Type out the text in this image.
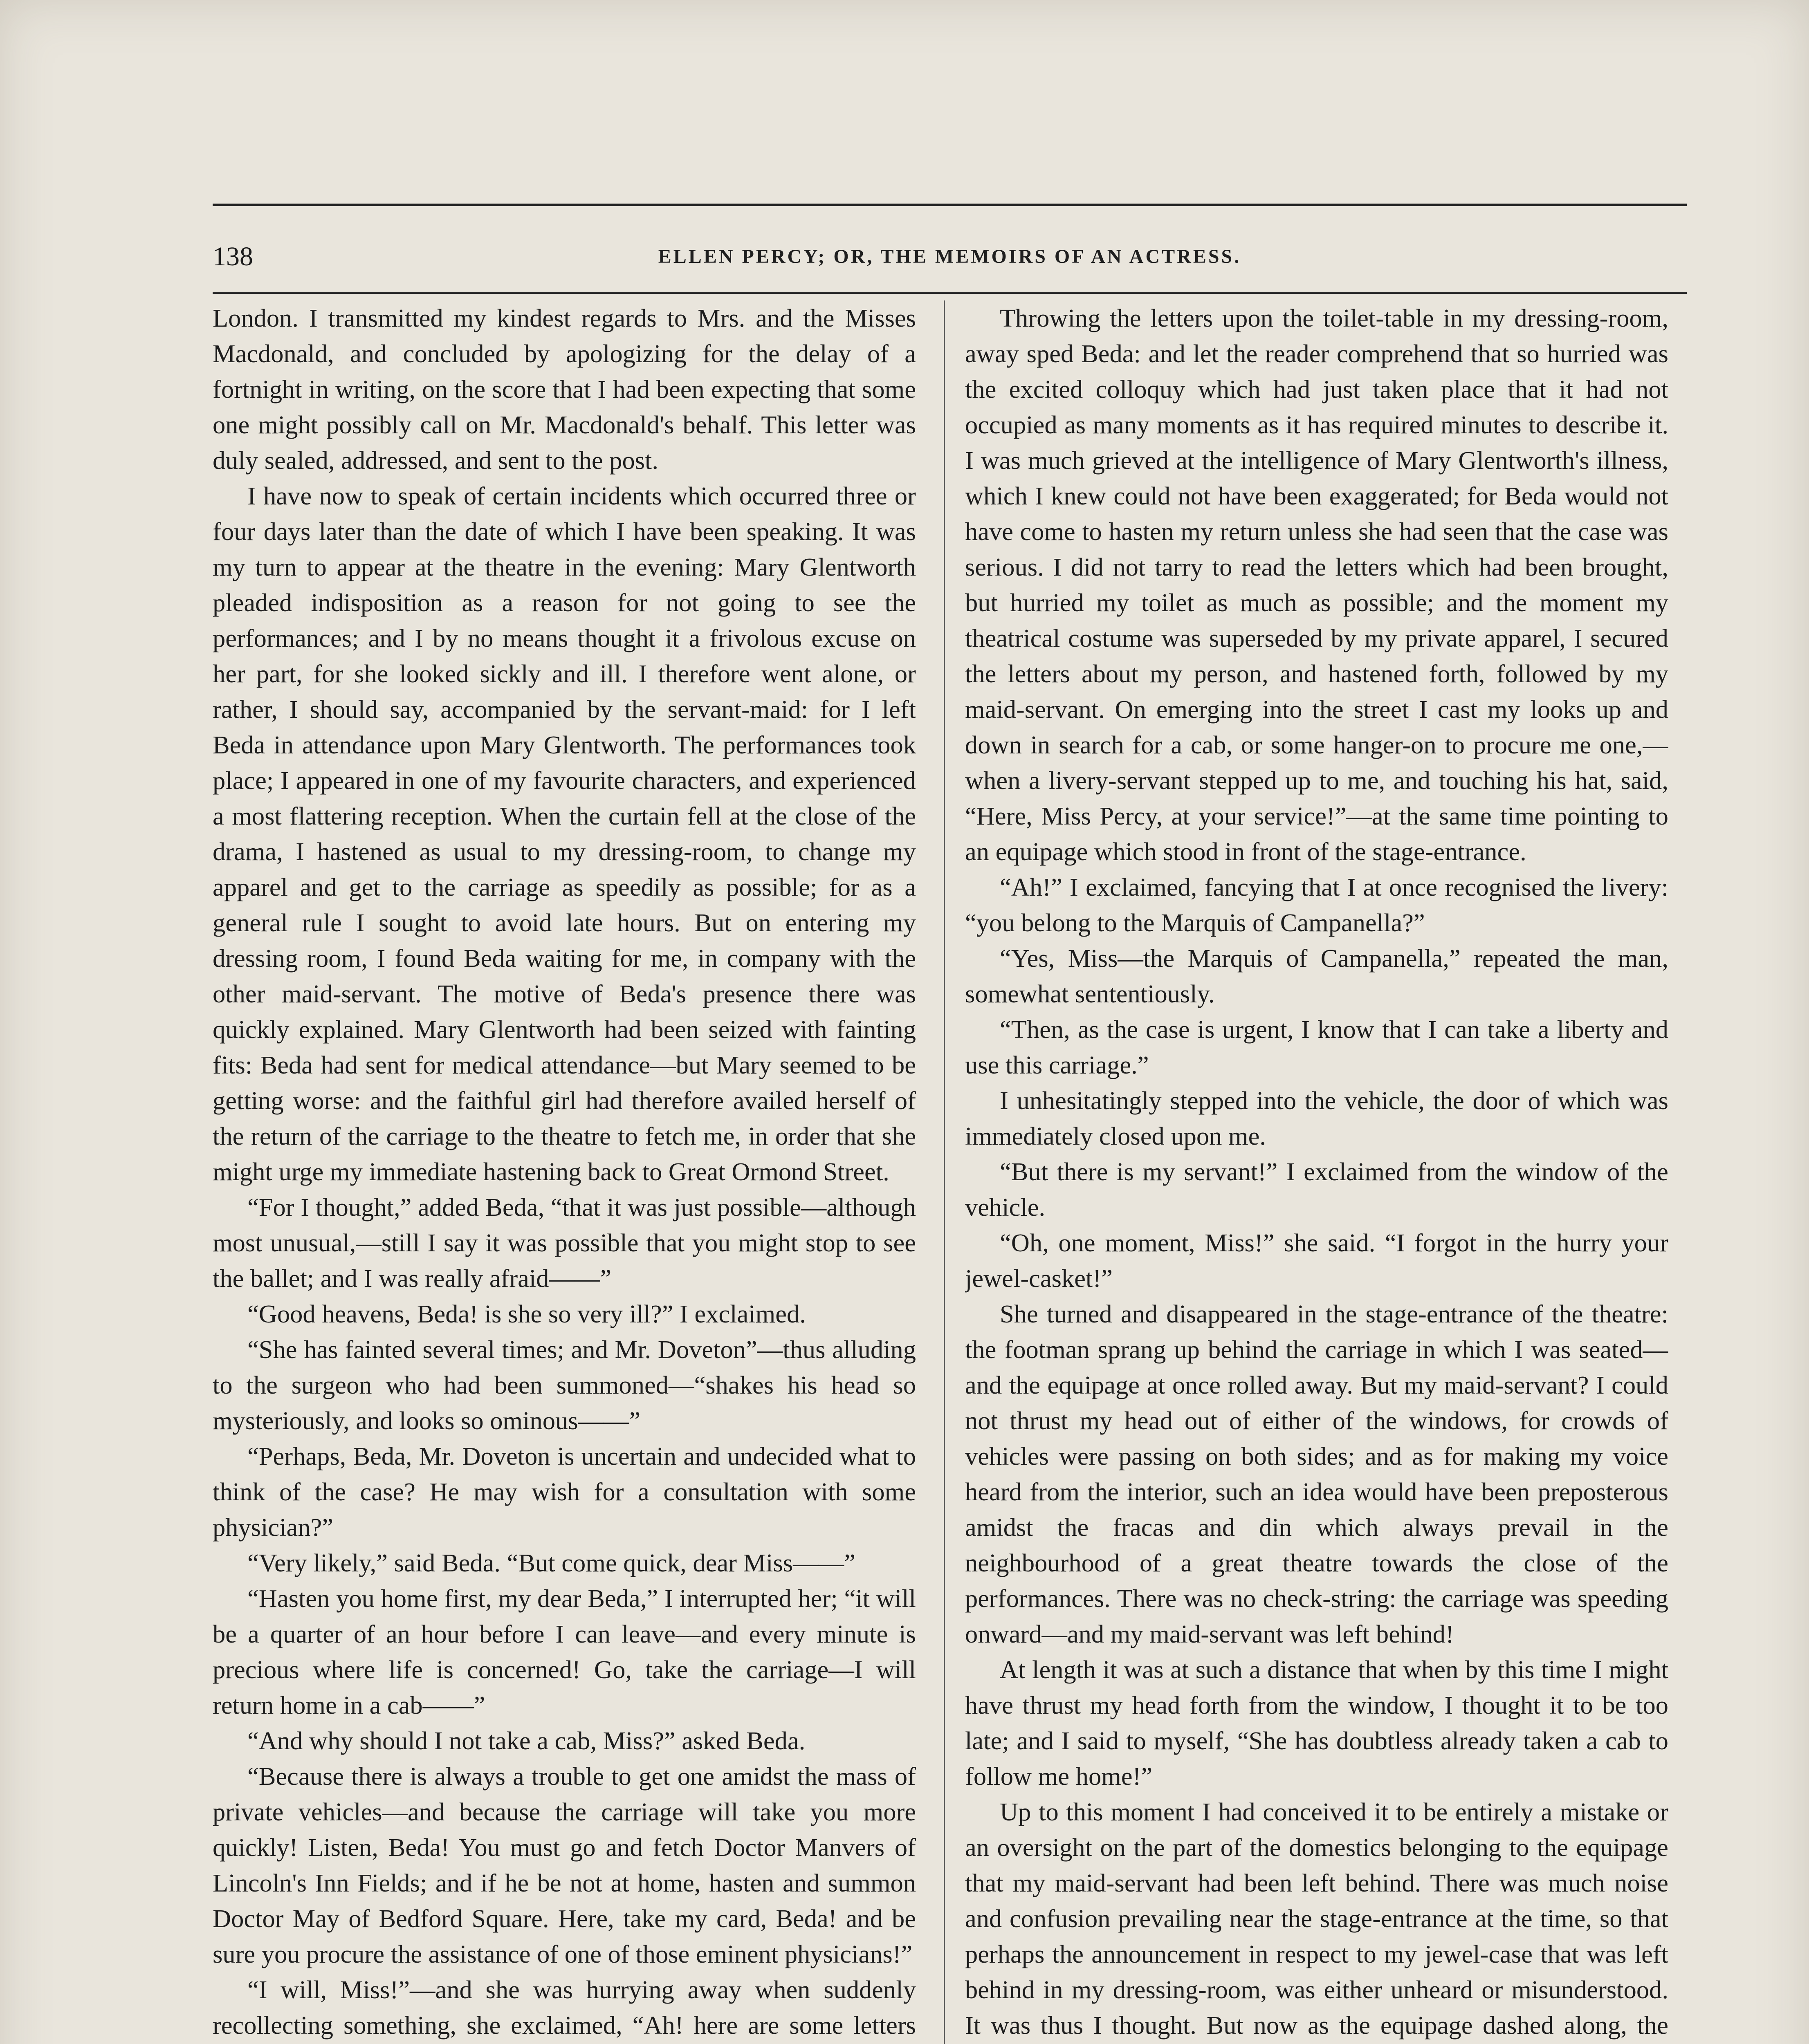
138	ELLEN PERCY; OR, THE MEMOIRS OF AN ACTRESS.

London. I transmitted my kindest regards to Mrs. and the Misses Macdonald, and concluded by apologizing for the delay of a fortnight in writing, on the score that I had been expecting that some one might possibly call on Mr. Macdonald's behalf. This letter was duly sealed, addressed, and sent to the post.

I have now to speak of certain incidents which occurred three or four days later than the date of which I have been speaking. It was my turn to appear at the theatre in the evening: Mary Glentworth pleaded indisposition as a reason for not going to see the performances; and I by no means thought it a frivolous excuse on her part, for she looked sickly and ill. I therefore went alone, or rather, I should say, accompanied by the servant-maid: for I left Beda in attendance upon Mary Glentworth. The performances took place; I appeared in one of my favourite characters, and experienced a most flattering reception. When the curtain fell at the close of the drama, I hastened as usual to my dressing-room, to change my apparel and get to the carriage as speedily as possible; for as a general rule I sought to avoid late hours. But on entering my dressing room, I found Beda waiting for me, in company with the other maid-servant. The motive of Beda's presence there was quickly explained. Mary Glentworth had been seized with fainting fits: Beda had sent for medical attendance—but Mary seemed to be getting worse: and the faithful girl had therefore availed herself of the return of the carriage to the theatre to fetch me, in order that she might urge my immediate hastening back to Great Ormond Street.

“For I thought,” added Beda, “that it was just possible—although most unusual,—still I say it was possible that you might stop to see the ballet; and I was really afraid——”

“Good heavens, Beda! is she so very ill?” I exclaimed.

“She has fainted several times; and Mr. Doveton”—thus alluding to the surgeon who had been summoned—“shakes his head so mysteriously, and looks so ominous——”

“Perhaps, Beda, Mr. Doveton is uncertain and undecided what to think of the case? He may wish for a consultation with some physician?”

“Very likely,” said Beda. “But come quick, dear Miss——”

“Hasten you home first, my dear Beda,” I interrupted her; “it will be a quarter of an hour before I can leave—and every minute is precious where life is concerned! Go, take the carriage—I will return home in a cab——”

“And why should I not take a cab, Miss?” asked Beda.

“Because there is always a trouble to get one amidst the mass of private vehicles—and because the carriage will take you more quickly! Listen, Beda! You must go and fetch Doctor Manvers of Lincoln's Inn Fields; and if he be not at home, hasten and summon Doctor May of Bedford Square. Here, take my card, Beda! and be sure you procure the assistance of one of those eminent physicians!”

“I will, Miss!”—and she was hurrying away when suddenly recollecting something, she exclaimed, “Ah! here are some letters

Throwing the letters upon the toilet-table in my dressing-room, away sped Beda: and let the reader comprehend that so hurried was the excited colloquy which had just taken place that it had not occupied as many moments as it has required minutes to describe it. I was much grieved at the intelligence of Mary Glentworth's illness, which I knew could not have been exaggerated; for Beda would not have come to hasten my return unless she had seen that the case was serious. I did not tarry to read the letters which had been brought, but hurried my toilet as much as possible; and the moment my theatrical costume was superseded by my private apparel, I secured the letters about my person, and hastened forth, followed by my maid-servant. On emerging into the street I cast my looks up and down in search for a cab, or some hanger-on to procure me one,—when a livery-servant stepped up to me, and touching his hat, said, “Here, Miss Percy, at your service!”—at the same time pointing to an equipage which stood in front of the stage-entrance.

“Ah!” I exclaimed, fancying that I at once recognised the livery: “you belong to the Marquis of Campanella?”

“Yes, Miss—the Marquis of Campanella,” repeated the man, somewhat sententiously.

“Then, as the case is urgent, I know that I can take a liberty and use this carriage.”

I unhesitatingly stepped into the vehicle, the door of which was immediately closed upon me.

“But there is my servant!” I exclaimed from the window of the vehicle.

“Oh, one moment, Miss!” she said. “I forgot in the hurry your jewel-casket!”

She turned and disappeared in the stage-entrance of the theatre: the footman sprang up behind the carriage in which I was seated—and the equipage at once rolled away. But my maid-servant? I could not thrust my head out of either of the windows, for crowds of vehicles were passing on both sides; and as for making my voice heard from the interior, such an idea would have been preposterous amidst the fracas and din which always prevail in the neighbourhood of a great theatre towards the close of the performances. There was no check-string: the carriage was speeding onward—and my maid-servant was left behind!

At length it was at such a distance that when by this time I might have thrust my head forth from the window, I thought it to be too late; and I said to myself, “She has doubtless already taken a cab to follow me home!”

Up to this moment I had conceived it to be entirely a mistake or an oversight on the part of the domestics belonging to the equipage that my maid-servant had been left behind. There was much noise and confusion prevailing near the stage-entrance at the time, so that perhaps the announcement in respect to my jewel-case that was left behind in my dressing-room, was either unheard or misunderstood. It was thus I thought. But now as the equipage dashed along, the
